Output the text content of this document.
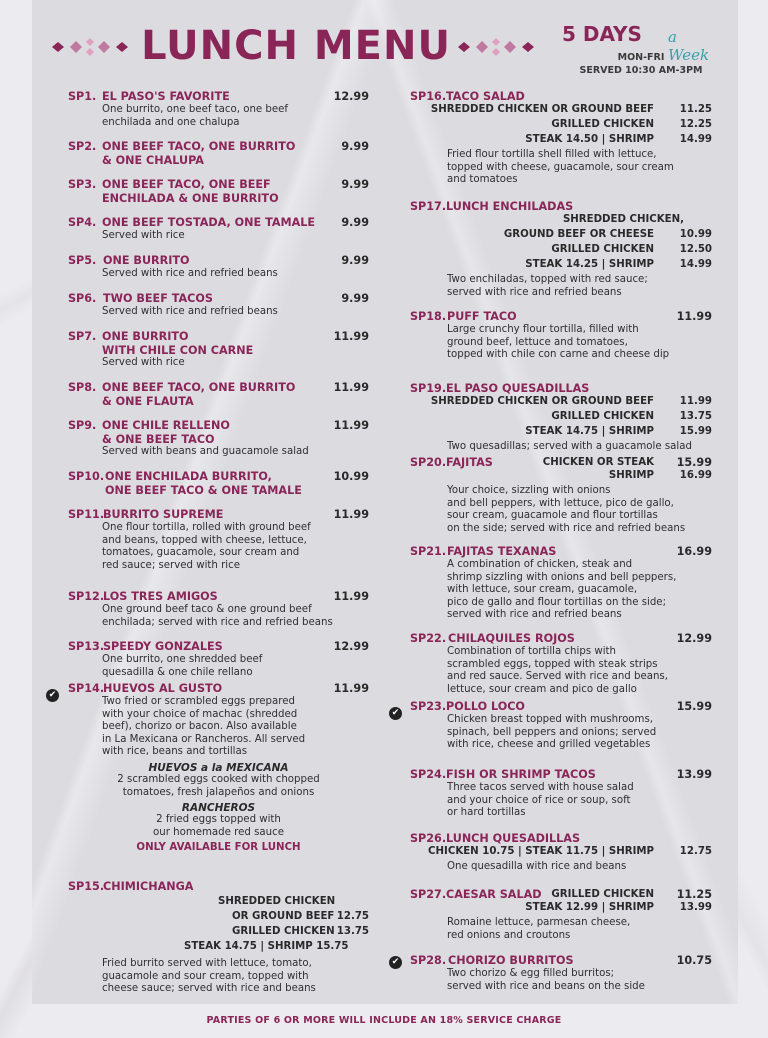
LUNCH MENU	5 DAYS a Week
MON-FRI
SERVED 10:30 AM-3PM
SP1. EL PASO'S FAVORITE	12.99
One burrito, one beef taco, one beef
enchilada and one chalupa
SP2. ONE BEEF TACO, ONE BURRITO	9.99
& ONE CHALUPA
SP3. ONE BEEF TACO, ONE BEEF	9.99
ENCHILADA & ONE BURRITO
SP4. ONE BEEF TOSTADA, ONE TAMALE 9.99
Served with rice
SP5. ONE BURRITO	9.99
Served with rice and refried beans
SP6. TWO BEEF TACOS	9.99
Served with rice and refried beans
SP7. ONE BURRITO	11.99
WITH CHILE CON CARNE
Served with rice
SP8. ONE BEEF TACO, ONE BURRITO	11.99
& ONE FLAUTA
SP9. ONE CHILE RELLENO	11.99
& ONE BEEF TACO
Served with beans and guacamole salad
SP10. ONE ENCHILADA BURRITO,	10.99
ONE BEEF TACO & ONE TAMALE
SP11.
BURRITO SUPREME	11.99
One flour tortilla, rolled with ground beef
and beans, topped with cheese, lettuce,
tomatoes, guacamole, sour cream and
red sauce; served with rice
SP12.
LOS TRES AMIGOS	11.99
One ground beef taco & one ground beef
enchilada; served with rice and refried beans
SP13.
SPEEDY GONZALES	12.99
One burrito, one shredded beef
quesadilla & one chile rellano
SP14.
HUEVOS AL GUSTO	11.99
Two fried or scrambled eggs prepared
with your choice of machac (shredded
beef), chorizo or bacon. Also available
in La Mexicana or Rancheros. All served
with rice, beans and tortillas
HUEVOS a la MEXICANA
2 scrambled eggs cooked with chopped
tomatoes, fresh jalapeños and onions
RANCHEROS
2 fried eggs topped with
our homemade red sauce
ONLY AVAILABLE FOR LUNCH
SP15.
CHIMICHANGA
SHREDDED CHICKEN
OR GROUND BEEF 12.75
GRILLED CHICKEN 13.75
STEAK 14.75 | SHRIMP 15.75
Fried burrito served with lettuce, tomato,
guacamole and sour cream, topped with
cheese sauce; served with rice and beans
SP16. TACO SALAD
SHREDDED CHICKEN OR GROUND BEEF	11.25
GRILLED CHICKEN	12.25
STEAK 14.50 | SHRIMP	14.99
Fried flour tortilla shell filled with lettuce,
topped with cheese, guacamole, sour cream
and tomatoes
SP17. LUNCH ENCHILADAS
SHREDDED CHICKEN,
GROUND BEEF OR CHEESE	10.99
GRILLED CHICKEN	12.50
STEAK 14.25 | SHRIMP	14.99
Two enchiladas, topped with red sauce;
served with rice and refried beans
SP18. PUFF TACO	11.99
Large crunchy flour tortilla, filled with
ground beef, lettuce and tomatoes,
topped with chile con carne and cheese dip
SP19. EL PASO QUESADILLAS
SHREDDED CHICKEN OR GROUND BEEF	11.99
GRILLED CHICKEN	13.75
STEAK 14.75 | SHRIMP	15.99
Two quesadillas; served with a guacamole salad
SP20. FAJITAS	CHICKEN OR STEAK 15.99
SHRIMP	16.99
Your choice, sizzling with onions
and bell peppers, with lettuce, pico de gallo,
sour cream, guacamole and flour tortillas
on the side; served with rice and refried beans
SP21. FAJITAS TEXANAS	16.99
A combination of chicken, steak and
shrimp sizzling with onions and bell peppers,
with lettuce, sour cream, guacamole,
pico de gallo and flour tortillas on the side;
served with rice and refried beans
SP22. CHILAQUILES ROJOS	12.99
Combination of tortilla chips with
scrambled eggs, topped with steak strips
and red sauce. Served with rice and beans,
lettuce, sour cream and pico de gallo
SP23. POLLO LOCO	15.99
Chicken breast topped with mushrooms,
spinach, bell peppers and onions; served
with rice, cheese and grilled vegetables
SP24. FISH OR SHRIMP TACOS	13.99
Three tacos served with house salad
and your choice of rice or soup, soft
or hard tortillas
SP26. LUNCH QUESADILLAS
CHICKEN 10.75 | STEAK 11.75 | SHRIMP	12.75
One quesadilla with rice and beans
SP27. CAESAR SALAD GRILLED CHICKEN 11.25
STEAK 12.99 | SHRIMP	13.99
Romaine lettuce, parmesan cheese,
red onions and croutons
SP28. CHORIZO BURRITOS	10.75
Two chorizo & egg filled burritos;
served with rice and beans on the side
PARTIES OF 6 OR MORE WILL INCLUDE AN 18% SERVICE CHARGE
✔
✔
✔
